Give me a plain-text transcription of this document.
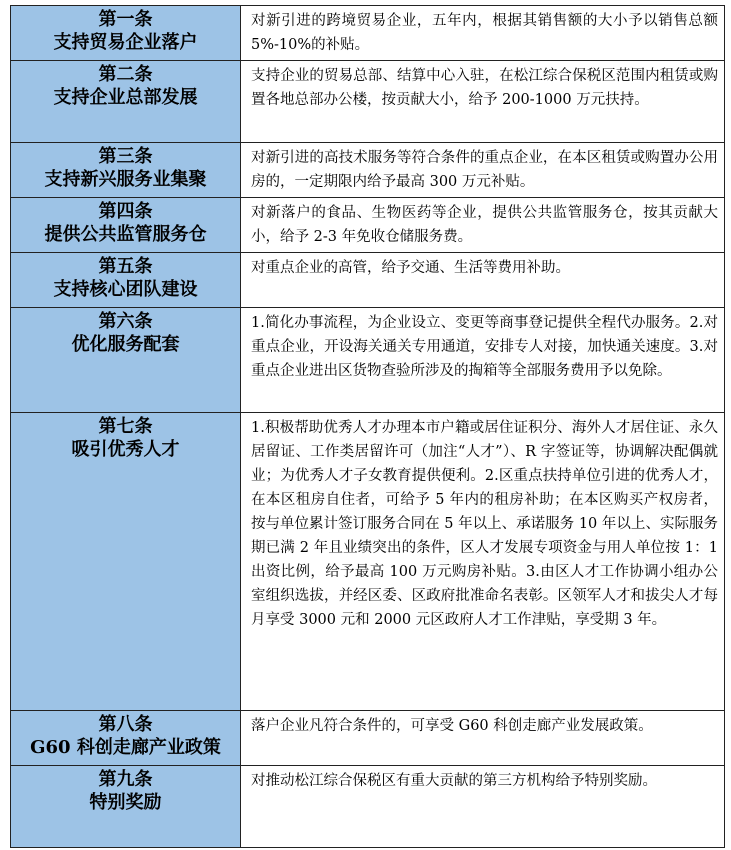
第一条
支持贸易企业落户	对新引进的跨境贸易企业，五年内，根据其销售额的大小予以销售总额 5%-10%的补贴。

第二条
支持企业总部发展	支持企业的贸易总部、结算中心入驻，在松江综合保税区范围内租赁或购置各地总部办公楼，按贡献大小，给予 200-1000 万元扶持。

第三条
支持新兴服务业集聚	对新引进的高技术服务等符合条件的重点企业，在本区租赁或购置办公用房的，一定期限内给予最高 300 万元补贴。

第四条
提供公共监管服务仓	对新落户的食品、生物医药等企业，提供公共监管服务仓，按其贡献大小，给予 2-3 年免收仓储服务费。

第五条
支持核心团队建设	对重点企业的高管，给予交通、生活等费用补助。

第六条
优化服务配套	1.简化办事流程，为企业设立、变更等商事登记提供全程代办服务。2.对重点企业，开设海关通关专用通道，安排专人对接，加快通关速度。3.对重点企业进出区货物查验所涉及的掏箱等全部服务费用予以免除。

第七条
吸引优秀人才	1.积极帮助优秀人才办理本市户籍或居住证积分、海外人才居住证、永久居留证、工作类居留许可（加注“人才”）、R 字签证等，协调解决配偶就业；为优秀人才子女教育提供便利。2.区重点扶持单位引进的优秀人才，在本区租房自住者，可给予 5 年内的租房补助；在本区购买产权房者，按与单位累计签订服务合同在 5 年以上、承诺服务 10 年以上、实际服务期已满 2 年且业绩突出的条件，区人才发展专项资金与用人单位按 1：1 出资比例，给予最高 100 万元购房补贴。3.由区人才工作协调小组办公室组织选拔，并经区委、区政府批准命名表彰。区领军人才和拔尖人才每月享受 3000 元和 2000 元区政府人才工作津贴，享受期 3 年。

第八条
G60 科创走廊产业政策	落户企业凡符合条件的，可享受 G60 科创走廊产业发展政策。

第九条
特别奖励	对推动松江综合保税区有重大贡献的第三方机构给予特别奖励。
